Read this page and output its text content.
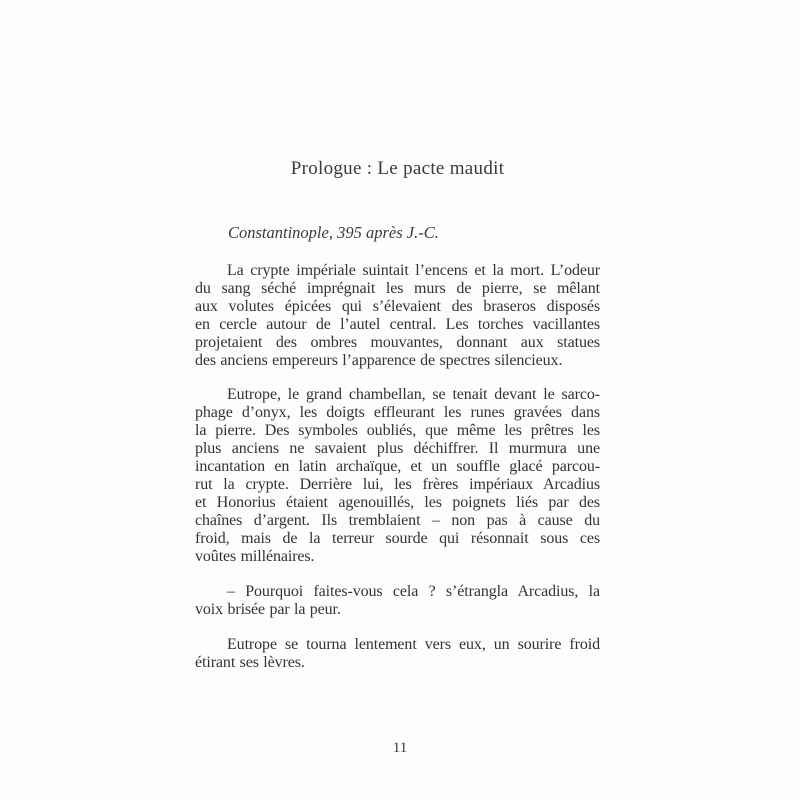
Prologue : Le pacte maudit
Constantinople, 395 après J.-C.

La crypte impériale suintait l’encens et la mort. L’odeur
du sang séché imprégnait les murs de pierre, se mêlant
aux volutes épicées qui s’élevaient des braseros disposés
en cercle autour de l’autel central. Les torches vacillantes
projetaient des ombres mouvantes, donnant aux statues
des anciens empereurs l’apparence de spectres silencieux.

Eutrope, le grand chambellan, se tenait devant le sarco-
phage d’onyx, les doigts effleurant les runes gravées dans
la pierre. Des symboles oubliés, que même les prêtres les
plus anciens ne savaient plus déchiffrer. Il murmura une
incantation en latin archaïque, et un souffle glacé parcou-
rut la crypte. Derrière lui, les frères impériaux Arcadius
et Honorius étaient agenouillés, les poignets liés par des
chaînes d’argent. Ils tremblaient – non pas à cause du
froid, mais de la terreur sourde qui résonnait sous ces
voûtes millénaires.

– Pourquoi faites-vous cela ? s’étrangla Arcadius, la
voix brisée par la peur.

Eutrope se tourna lentement vers eux, un sourire froid
étirant ses lèvres.

11
